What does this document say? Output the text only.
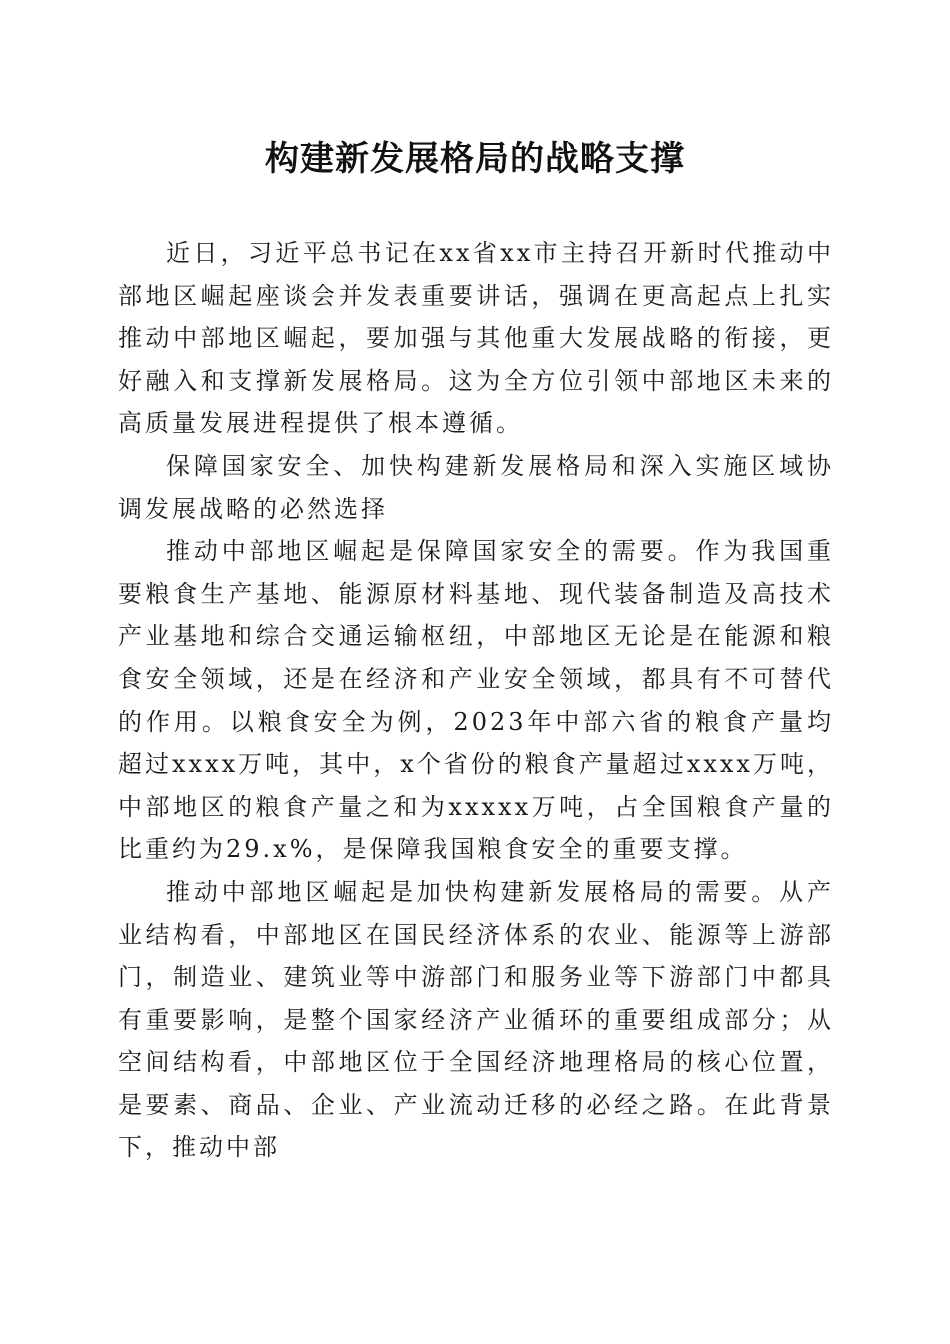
构建新发展格局的战略支撑

近日，习近平总书记在xx省xx市主持召开新时代推动中部地区崛起座谈会并发表重要讲话，强调在更高起点上扎实推动中部地区崛起，要加强与其他重大发展战略的衔接，更好融入和支撑新发展格局。这为全方位引领中部地区未来的高质量发展进程提供了根本遵循。

保障国家安全、加快构建新发展格局和深入实施区域协调发展战略的必然选择

推动中部地区崛起是保障国家安全的需要。作为我国重要粮食生产基地、能源原材料基地、现代装备制造及高技术产业基地和综合交通运输枢纽，中部地区无论是在能源和粮食安全领域，还是在经济和产业安全领域，都具有不可替代的作用。以粮食安全为例，2023年中部六省的粮食产量均超过xxxx万吨，其中，x个省份的粮食产量超过xxxx万吨，中部地区的粮食产量之和为xxxxx万吨，占全国粮食产量的比重约为29.x%，是保障我国粮食安全的重要支撑。

推动中部地区崛起是加快构建新发展格局的需要。从产业结构看，中部地区在国民经济体系的农业、能源等上游部门，制造业、建筑业等中游部门和服务业等下游部门中都具有重要影响，是整个国家经济产业循环的重要组成部分；从空间结构看，中部地区位于全国经济地理格局的核心位置，是要素、商品、企业、产业流动迁移的必经之路。在此背景下，推动中部
